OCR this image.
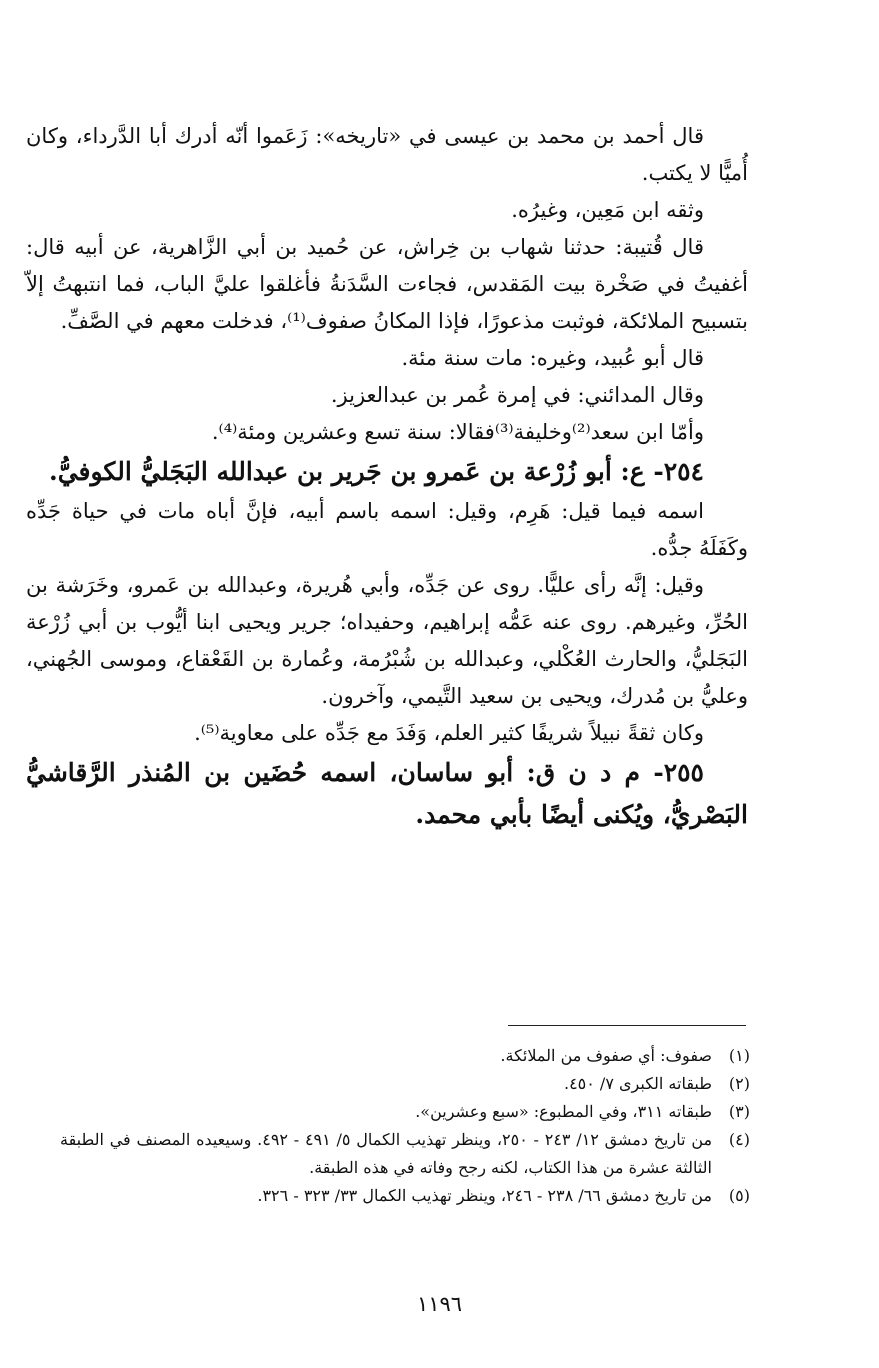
قال أحمد بن محمد بن عيسى في «تاريخه»: زَعَموا أنّه أدرك أبا الدَّرداء، وكان أُميًّا لا يكتب.

وثقه ابن مَعِين، وغيرُه.

قال قُتيبة: حدثنا شهاب بن خِراش، عن حُميد بن أبي الزَّاهرية، عن أبيه قال: أغفيتُ في صَخْرة بيت المَقدس، فجاءت السَّدَنةُ فأغلقوا عليَّ الباب، فما انتبهتُ إلاّ بتسبيح الملائكة، فوثبت مذعورًا، فإذا المكانُ صفوف⁽¹⁾، فدخلت معهم في الصَّفِّ.

قال أبو عُبيد، وغيره: مات سنة مئة.

وقال المدائني: في إمرة عُمر بن عبدالعزيز.

وأمّا ابن سعد⁽²⁾وخليفة⁽³⁾فقالا: سنة تسع وعشرين ومئة⁽⁴⁾.

٢٥٤- ع: أبو زُرْعة بن عَمرو بن جَرير بن عبدالله البَجَليُّ الكوفيُّ.

اسمه فيما قيل: هَرِم، وقيل: اسمه باسم أبيه، فإنَّ أباه مات في حياة جَدِّه وكَفَلَهُ جدُّه.

وقيل: إنَّه رأى عليًّا. روى عن جَدِّه، وأبي هُريرة، وعبدالله بن عَمرو، وخَرَشة بن الحُرِّ، وغيرهم. روى عنه عَمُّه إبراهيم، وحفيداه؛ جرير ويحيى ابنا أيُّوب بن أبي زُرْعة البَجَليُّ، والحارث العُكْلي، وعبدالله بن شُبْرُمة، وعُمارة بن القَعْقاع، وموسى الجُهني، وعليُّ بن مُدرك، ويحيى بن سعيد التَّيمي، وآخرون.

وكان ثقةً نبيلاً شريفًا كثير العلم، وَفَدَ مع جَدِّه على معاوية⁽⁵⁾.

٢٥٥- م د ن ق: أبو ساسان، اسمه حُضَين بن المُنذر الرَّقاشيُّ البَصْريُّ، ويُكنى أيضًا بأبي محمد.

(١)
صفوف: أي صفوف من الملائكة.
(٢)
طبقاته الكبرى ٧/ ٤٥٠.
(٣)
طبقاته ٣١١، وفي المطبوع: «سبع وعشرين».
(٤)
من تاريخ دمشق ١٢/ ٢٤٣ - ٢٥٠، وينظر تهذيب الكمال ٥/ ٤٩١ - ٤٩٢. وسيعيده المصنف في الطبقة الثالثة عشرة من هذا الكتاب، لكنه رجح وفاته في هذه الطبقة.
(٥)
من تاريخ دمشق ٦٦/ ٢٣٨ - ٢٤٦، وينظر تهذيب الكمال ٣٣/ ٣٢٣ - ٣٢٦.
١١٩٦
